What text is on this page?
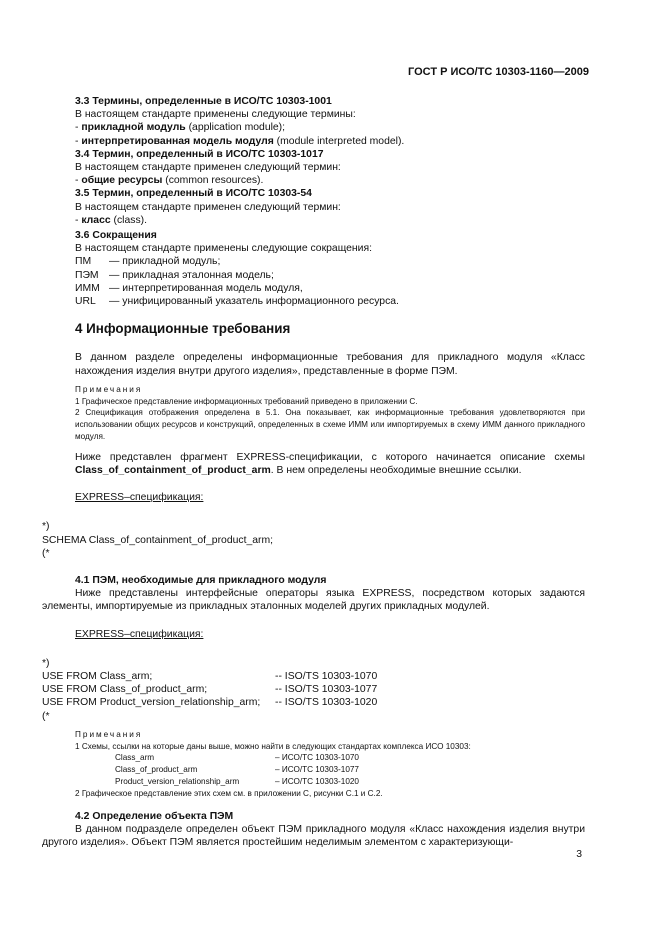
ГОСТ Р ИСО/ТС 10303-1160—2009

3.3 Термины, определенные в ИСО/ТС 10303-1001

В настоящем стандарте применены следующие термины:

- прикладной модуль (application module);

- интерпретированная модель модуля (module interpreted model).

3.4 Термин, определенный в ИСО/ТС 10303-1017

В настоящем стандарте применен следующий термин:

- общие ресурсы (common resources).

3.5 Термин, определенный в ИСО/ТС 10303-54

В настоящем стандарте применен следующий термин:

- класс (class).

3.6 Сокращения

В настоящем стандарте применены следующие сокращения:

ПМ	— прикладной модуль;
ПЭМ	— прикладная эталонная модель;
ИММ — интерпретированная модель модуля,
URL	— унифицированный указатель информационного ресурса.

4 Информационные требования

В данном разделе определены информационные требования для прикладного модуля «Класс нахождения изделия внутри другого изделия», представленные в форме ПЭМ.

Примечания

1 Графическое представление информационных требований приведено в приложении С.

2 Спецификация отображения определена в 5.1. Она показывает, как информационные требования удовлетворяются при использовании общих ресурсов и конструкций, определенных в схеме ИММ или импортируемых в схему ИММ данного прикладного модуля.

Ниже представлен фрагмент EXPRESS-спецификации, с которого начинается описание схемы Class_of_containment_of_product_arm. В нем определены необходимые внешние ссылки.

EXPRESS–спецификация:

*)

SCHEMA Class_of_containment_of_product_arm;

(*

4.1 ПЭМ, необходимые для прикладного модуля

Ниже представлены интерфейсные операторы языка EXPRESS, посредством которых задаются элементы, импортируемые из прикладных эталонных моделей других прикладных модулей.

EXPRESS–спецификация:

*)

USE FROM Class_arm;	-- ISO/TS 10303-1070
USE FROM Class_of_product_arm;	-- ISO/TS 10303-1077
USE FROM Product_version_relationship_arm;	-- ISO/TS 10303-1020

(*

Примечания

1 Схемы, ссылки на которые даны выше, можно найти в следующих стандартах комплекса ИСО 10303:

Class_arm	– ИСО/ТС 10303-1070
Class_of_product_arm	– ИСО/ТС 10303-1077
Product_version_relationship_arm	– ИСО/ТС 10303-1020

2 Графическое представление этих схем см. в приложении С, рисунки С.1 и С.2.

4.2 Определение объекта ПЭМ

В данном подразделе определен объект ПЭМ прикладного модуля «Класс нахождения изделия внутри другого изделия». Объект ПЭМ является простейшим неделимым элементом с характеризующи-

3
